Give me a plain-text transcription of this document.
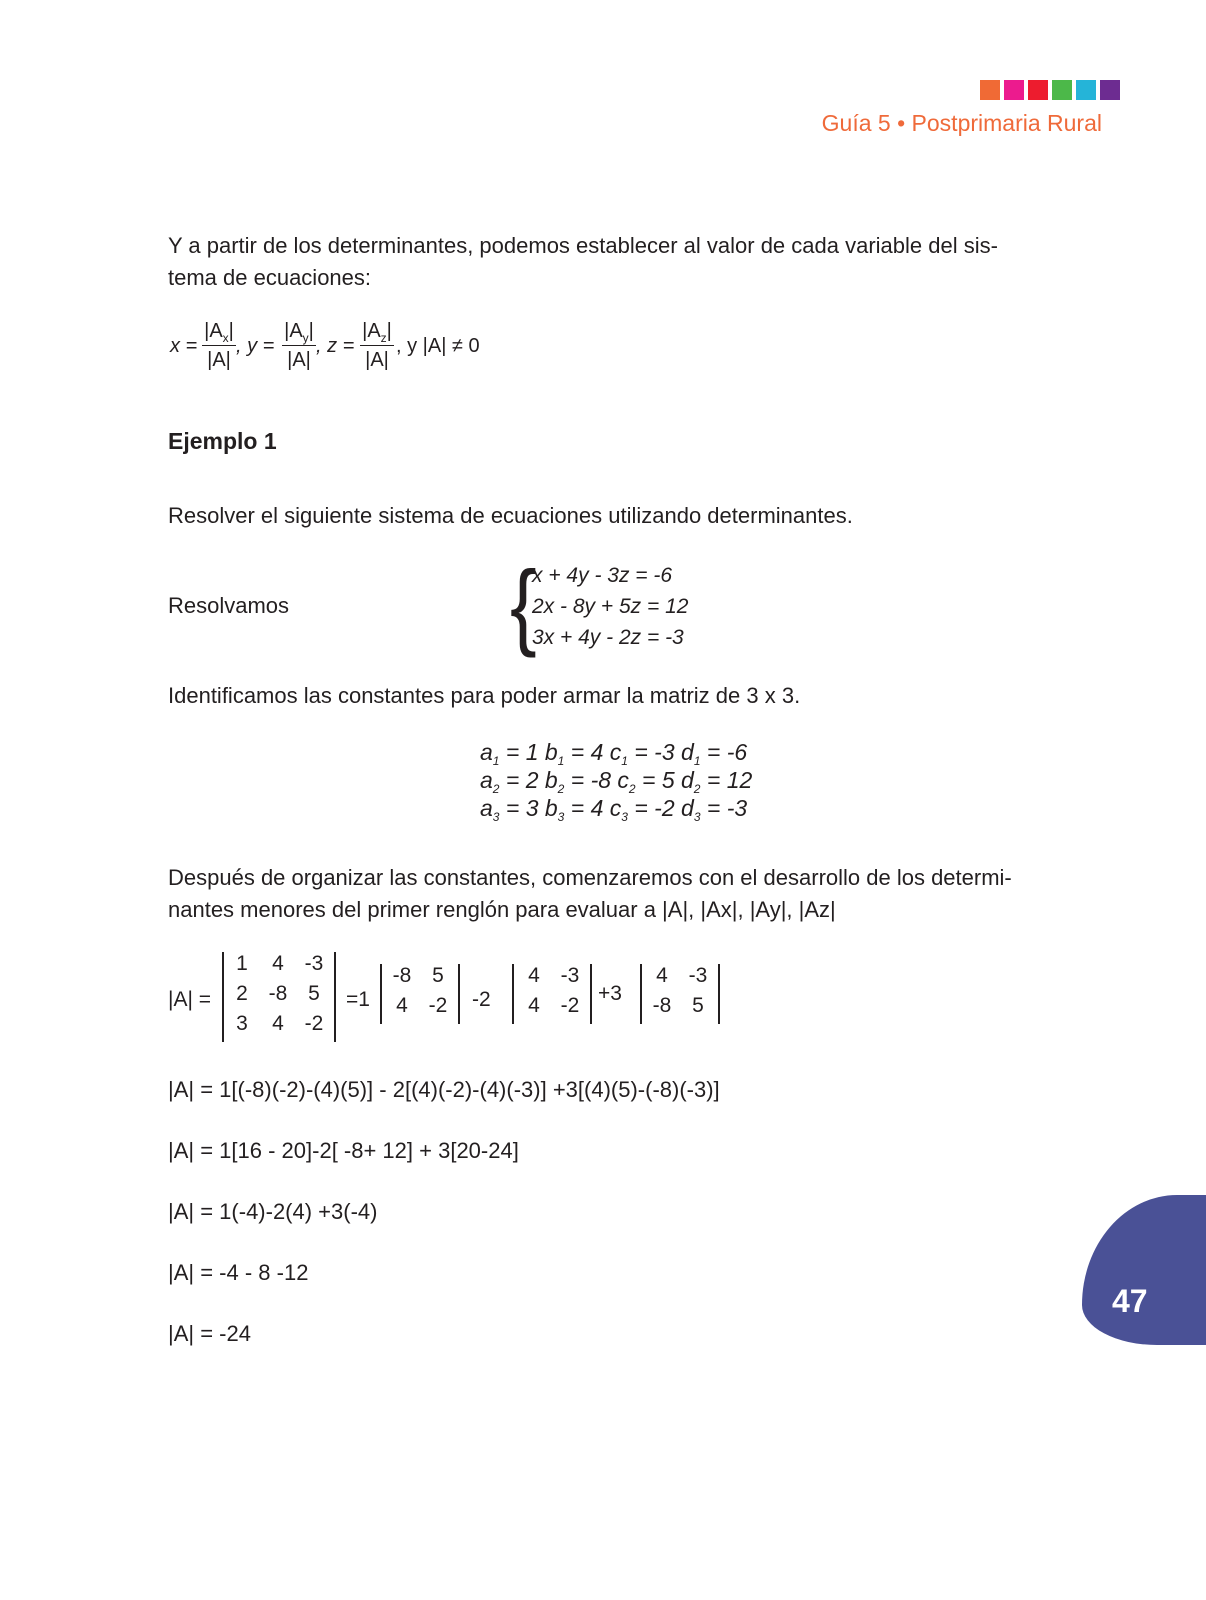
Guía 5 • Postprimaria Rural
Y a partir de los determinantes, podemos establecer al valor de cada variable del sis-
tema de ecuaciones:
x =
$|A_x|$
|A|
, y =
$|A_y|$
|A|
, z =
$|A_z|$
|A|
, y |A| ≠ 0
Ejemplo 1
Resolver el siguiente sistema de ecuaciones utilizando determinantes.
Resolvamos	{
x + 4y - 3z = -6
2x - 8y + 5z = 12
3x + 4y - 2z = -3
Identificamos las constantes para poder armar la matriz de 3 x 3.
$a_1 = 1$ $b_1 = 4$ $c_1 = -3$ $d_1 = -6$
$a_2 = 2$ $b_2 = -8$ $c_2 = 5$ $d_2 = 12$
$a_3 = 3$ $b_3 = 4$ $c_3 = -2$ $d_3 = -3$
Después de organizar las constantes, comenzaremos con el desarrollo de los determi-
nantes menores del primer renglón para evaluar a |A|, |Ax|, |Ay|, |Az|
|A| =
1	4 -3
2 -8 5
3	4 -2
=1
-8 5
4 -2	-2
4 -3
4 -2
+3
4 -3
-8 5
|A| = 1[(-8)(-2)-(4)(5)] - 2[(4)(-2)-(4)(-3)] +3[(4)(5)-(-8)(-3)]
|A| = 1[16 - 20]-2[ -8+ 12] + 3[20-24]
|A| = 1(-4)-2(4) +3(-4)
|A| = -4 - 8 -12
|A| = -24
47
